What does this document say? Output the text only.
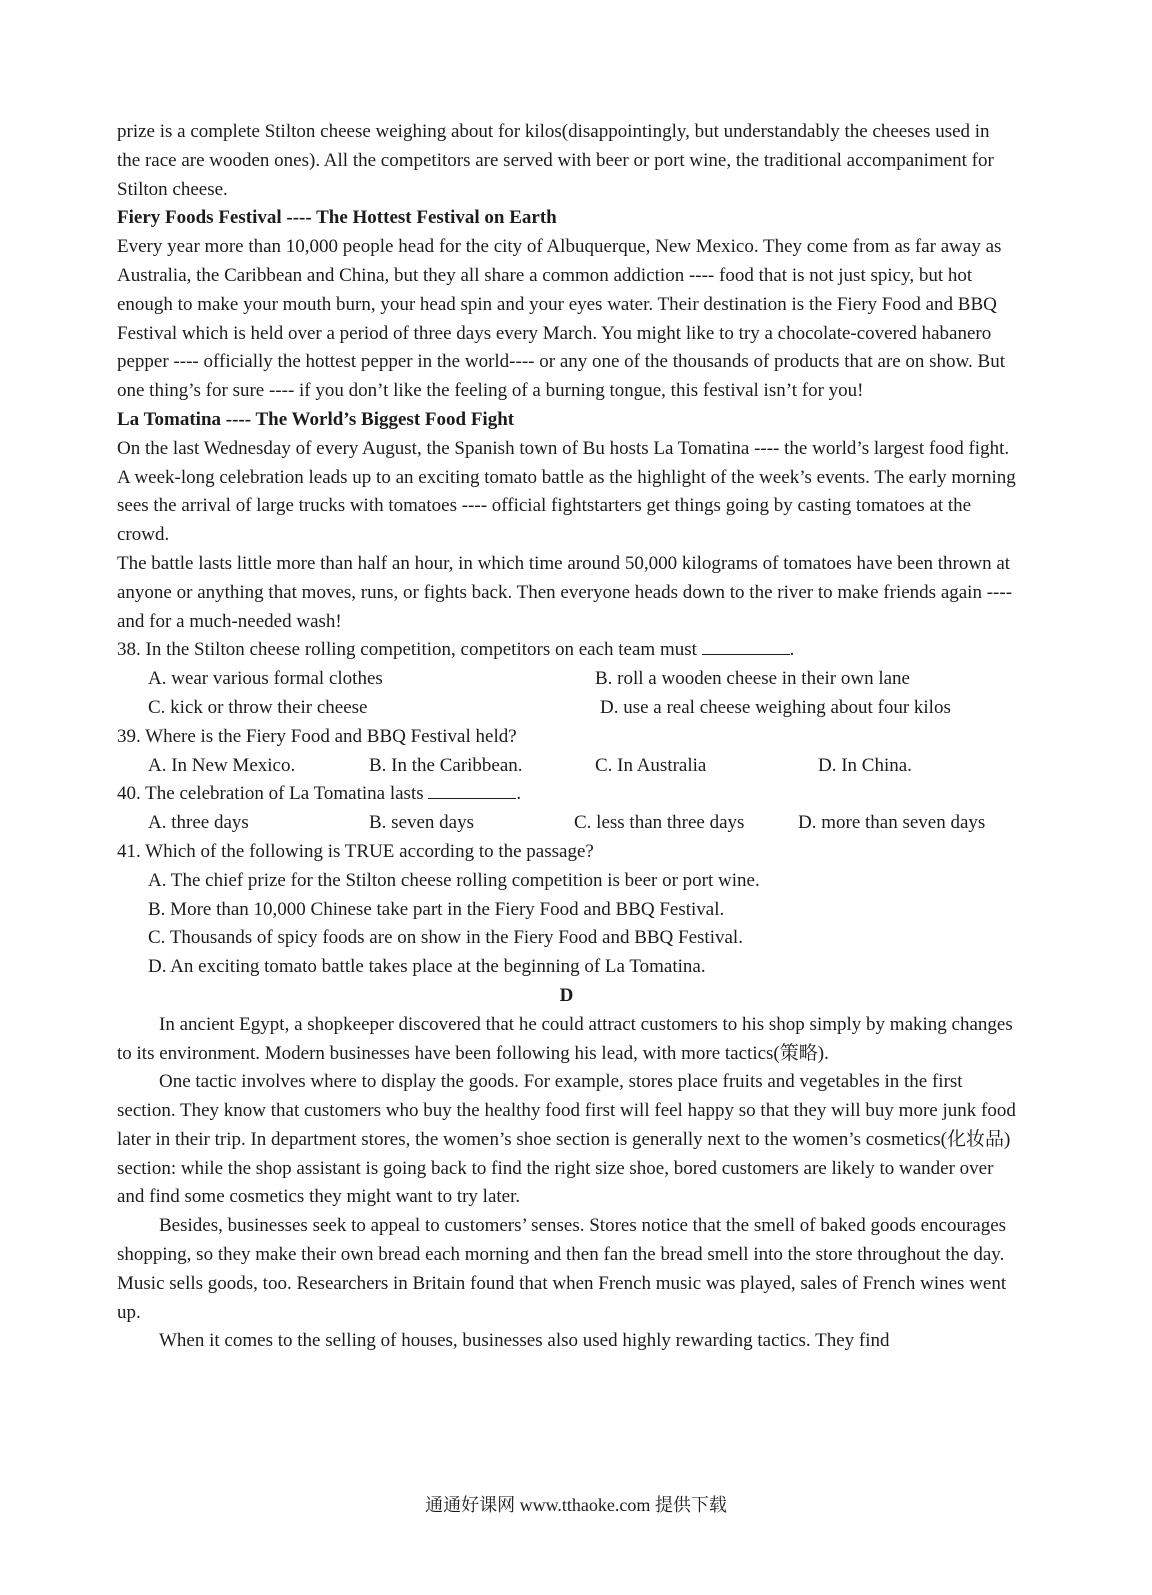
prize is a complete Stilton cheese weighing about for kilos(disappointingly, but understandably the cheeses used in the race are wooden ones). All the competitors are served with beer or port wine, the traditional accompaniment for Stilton cheese.

Fiery Foods Festival ---- The Hottest Festival on Earth

Every year more than 10,000 people head for the city of Albuquerque, New Mexico. They come from as far away as Australia, the Caribbean and China, but they all share a common addiction ---- food that is not just spicy, but hot enough to make your mouth burn, your head spin and your eyes water. Their destination is the Fiery Food and BBQ Festival which is held over a period of three days every March. You might like to try a chocolate-covered habanero pepper ---- officially the hottest pepper in the world---- or any one of the thousands of products that are on show. But one thing’s for sure ---- if you don’t like the feeling of a burning tongue, this festival isn’t for you!

La Tomatina ---- The World’s Biggest Food Fight

On the last Wednesday of every August, the Spanish town of Bu hosts La Tomatina ---- the world’s largest food fight. A week-long celebration leads up to an exciting tomato battle as the highlight of the week’s events. The early morning sees the arrival of large trucks with tomatoes ---- official fightstarters get things going by casting tomatoes at the crowd.

The battle lasts little more than half an hour, in which time around 50,000 kilograms of tomatoes have been thrown at anyone or anything that moves, runs, or fights back. Then everyone heads down to the river to make friends again ---- and for a much-needed wash!

38. In the Stilton cheese rolling competition, competitors on each team must	.

A. wear various formal clothes	B. roll a wooden cheese in their own lane
C. kick or throw their cheese	D. use a real cheese weighing about four kilos

39. Where is the Fiery Food and BBQ Festival held?

A. In New Mexico.	B. In the Caribbean.	C. In Australia	D. In China.

40. The celebration of La Tomatina lasts	.

A. three days	B. seven days	C. less than three days	D. more than seven days

41. Which of the following is TRUE according to the passage?

A. The chief prize for the Stilton cheese rolling competition is beer or port wine.

B. More than 10,000 Chinese take part in the Fiery Food and BBQ Festival.

C. Thousands of spicy foods are on show in the Fiery Food and BBQ Festival.

D. An exciting tomato battle takes place at the beginning of La Tomatina.

D

In ancient Egypt, a shopkeeper discovered that he could attract customers to his shop simply by making changes to its environment. Modern businesses have been following his lead, with more tactics(策略).

One tactic involves where to display the goods. For example, stores place fruits and vegetables in the first section. They know that customers who buy the healthy food first will feel happy so that they will buy more junk food later in their trip. In department stores, the women’s shoe section is generally next to the women’s cosmetics(化妆品) section: while the shop assistant is going back to find the right size shoe, bored customers are likely to wander over and find some cosmetics they might want to try later.

Besides, businesses seek to appeal to customers’ senses. Stores notice that the smell of baked goods encourages shopping, so they make their own bread each morning and then fan the bread smell into the store throughout the day. Music sells goods, too. Researchers in Britain found that when French music was played, sales of French wines went up.

When it comes to the selling of houses, businesses also used highly rewarding tactics. They find

通通好课网 www.tthaoke.com 提供下载
